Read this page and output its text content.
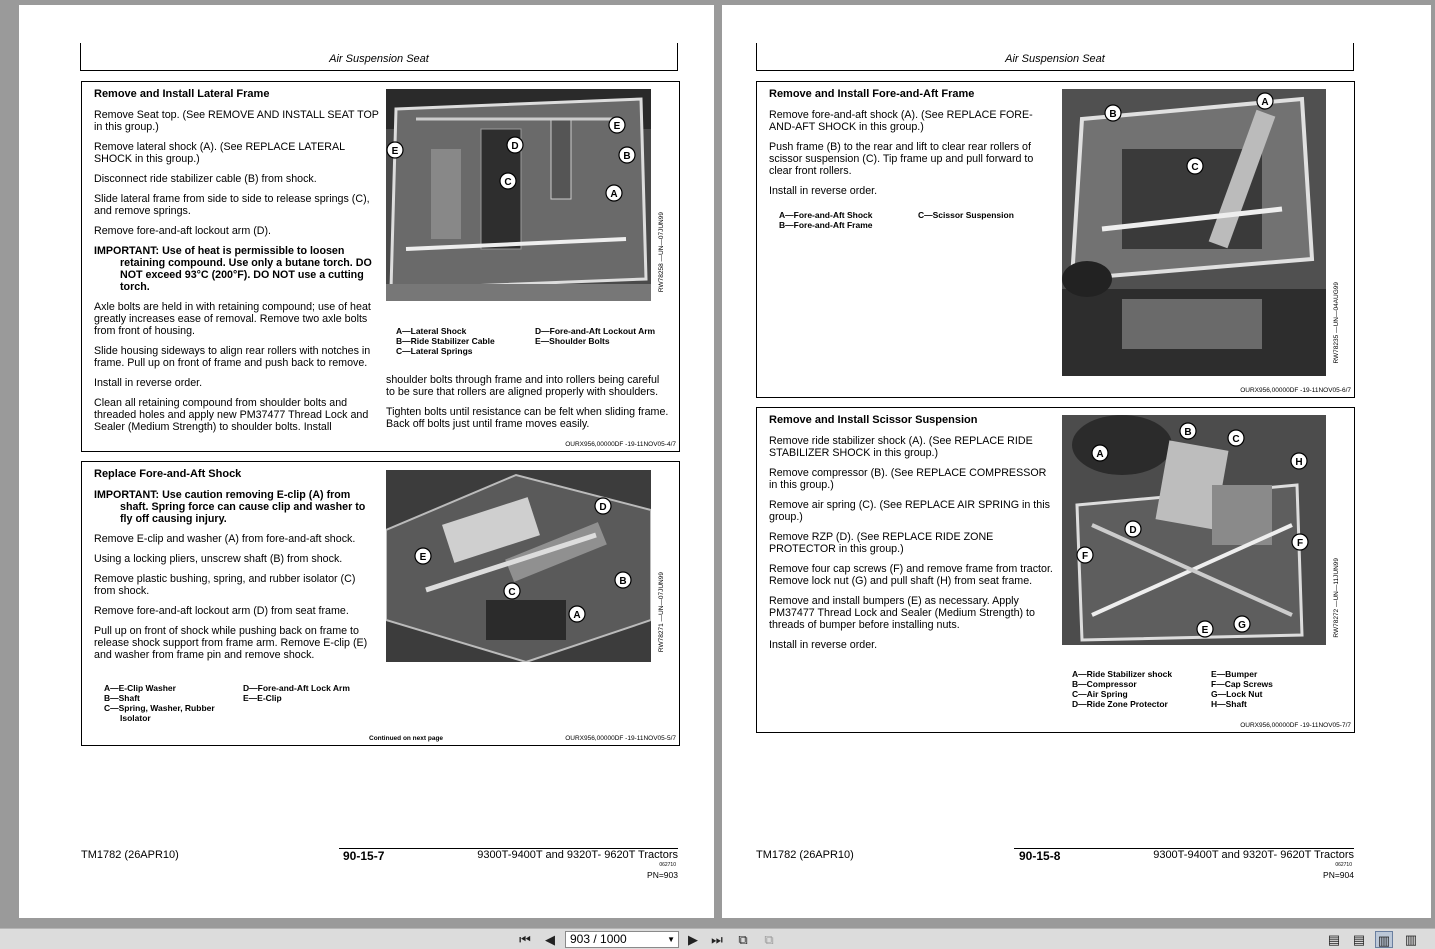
Air Suspension Seat
Remove and Install Lateral Frame

Remove Seat top. (See REMOVE AND INSTALL SEAT TOP in this group.)

Remove lateral shock (A). (See REPLACE LATERAL SHOCK in this group.)

Disconnect ride stabilizer cable (B) from shock.

Slide lateral frame from side to side to release springs (C), and remove springs.

Remove fore-and-aft lockout arm (D).

IMPORTANT: Use of heat is permissible to loosen retaining compound. Use only a butane torch. DO NOT exceed 93°C (200°F). DO NOT use a cutting torch.

Axle bolts are held in with retaining compound; use of heat greatly increases ease of removal. Remove two axle bolts from front of housing.

Slide housing sideways to align rear rollers with notches in frame. Pull up on front of frame and push back to remove.

Install in reverse order.

Clean all retaining compound from shoulder bolts and threaded holes and apply new PM37477 Thread Lock and Sealer (Medium Strength) to shoulder bolts. Install

A
B
C
D
E
E
RW78258 —UN—07JUN99
A—Lateral Shock
B—Ride Stabilizer Cable
C—Lateral Springs
D—Fore-and-Aft Lockout Arm
E—Shoulder Bolts

shoulder bolts through frame and into rollers being careful to be sure that rollers are aligned properly with shoulders.

Tighten bolts until resistance can be felt when sliding frame. Back off bolts just until frame moves easily.

OURX956,00000DF -19-11NOV05-4/7
Replace Fore-and-Aft Shock

IMPORTANT: Use caution removing E-clip (A) from shaft. Spring force can cause clip and washer to fly off causing injury.

Remove E-clip and washer (A) from fore-and-aft shock.

Using a locking pliers, unscrew shaft (B) from shock.

Remove plastic bushing, spring, and rubber isolator (C) from shock.

Remove fore-and-aft lockout arm (D) from seat frame.

Pull up on front of shock while pushing back on frame to release shock support from frame arm. Remove E-clip (E) and washer from frame pin and remove shock.

A
B
C
D
E
RW78271 —UN—07JUN99
A—E-Clip Washer
B—Shaft
C—Spring, Washer, Rubber Isolator
D—Fore-and-Aft Lock Arm
E—E-Clip
Continued on next page	OURX956,00000DF -19-11NOV05-5/7
TM1782 (26APR10)	90-15-7	9300T-9400T and 9320T- 9620T Tractors
062710
PN=903
Air Suspension Seat
Remove and Install Fore-and-Aft Frame

Remove fore-and-aft shock (A). (See REPLACE FORE-AND-AFT SHOCK in this group.)

Push frame (B) to the rear and lift to clear rear rollers of scissor suspension (C). Tip frame up and pull forward to clear front rollers.

Install in reverse order.

A—Fore-and-Aft Shock
B—Fore-and-Aft Frame
C—Scissor Suspension
A
B
C
RW78235 —UN—04AUG99
OURX956,00000DF -19-11NOV05-6/7
Remove and Install Scissor Suspension

Remove ride stabilizer shock (A). (See REPLACE RIDE STABILIZER SHOCK in this group.)

Remove compressor (B). (See REPLACE COMPRESSOR in this group.)

Remove air spring (C). (See REPLACE AIR SPRING in this group.)

Remove RZP (D). (See REPLACE RIDE ZONE PROTECTOR in this group.)

Remove four cap screws (F) and remove frame from tractor. Remove lock nut (G) and pull shaft (H) from seat frame.

Remove and install bumpers (E) as necessary. Apply PM37477 Thread Lock and Sealer (Medium Strength) to threads of bumper before installing nuts.

Install in reverse order.

A
B
C
D
E
F
F
G
H
RW78272 —UN—11JUN99
A—Ride Stabilizer shock
B—Compressor
C—Air Spring
D—Ride Zone Protector
E—Bumper
F—Cap Screws
G—Lock Nut
H—Shaft
OURX956,00000DF -19-11NOV05-7/7
TM1782 (26APR10)	90-15-8	9300T-9400T and 9320T- 9620T Tractors
062710
PN=904
⏮	◀	903 / 1000	▼	▶	⏭	⧉	⧉	▤ ▤ ▥ ▥
